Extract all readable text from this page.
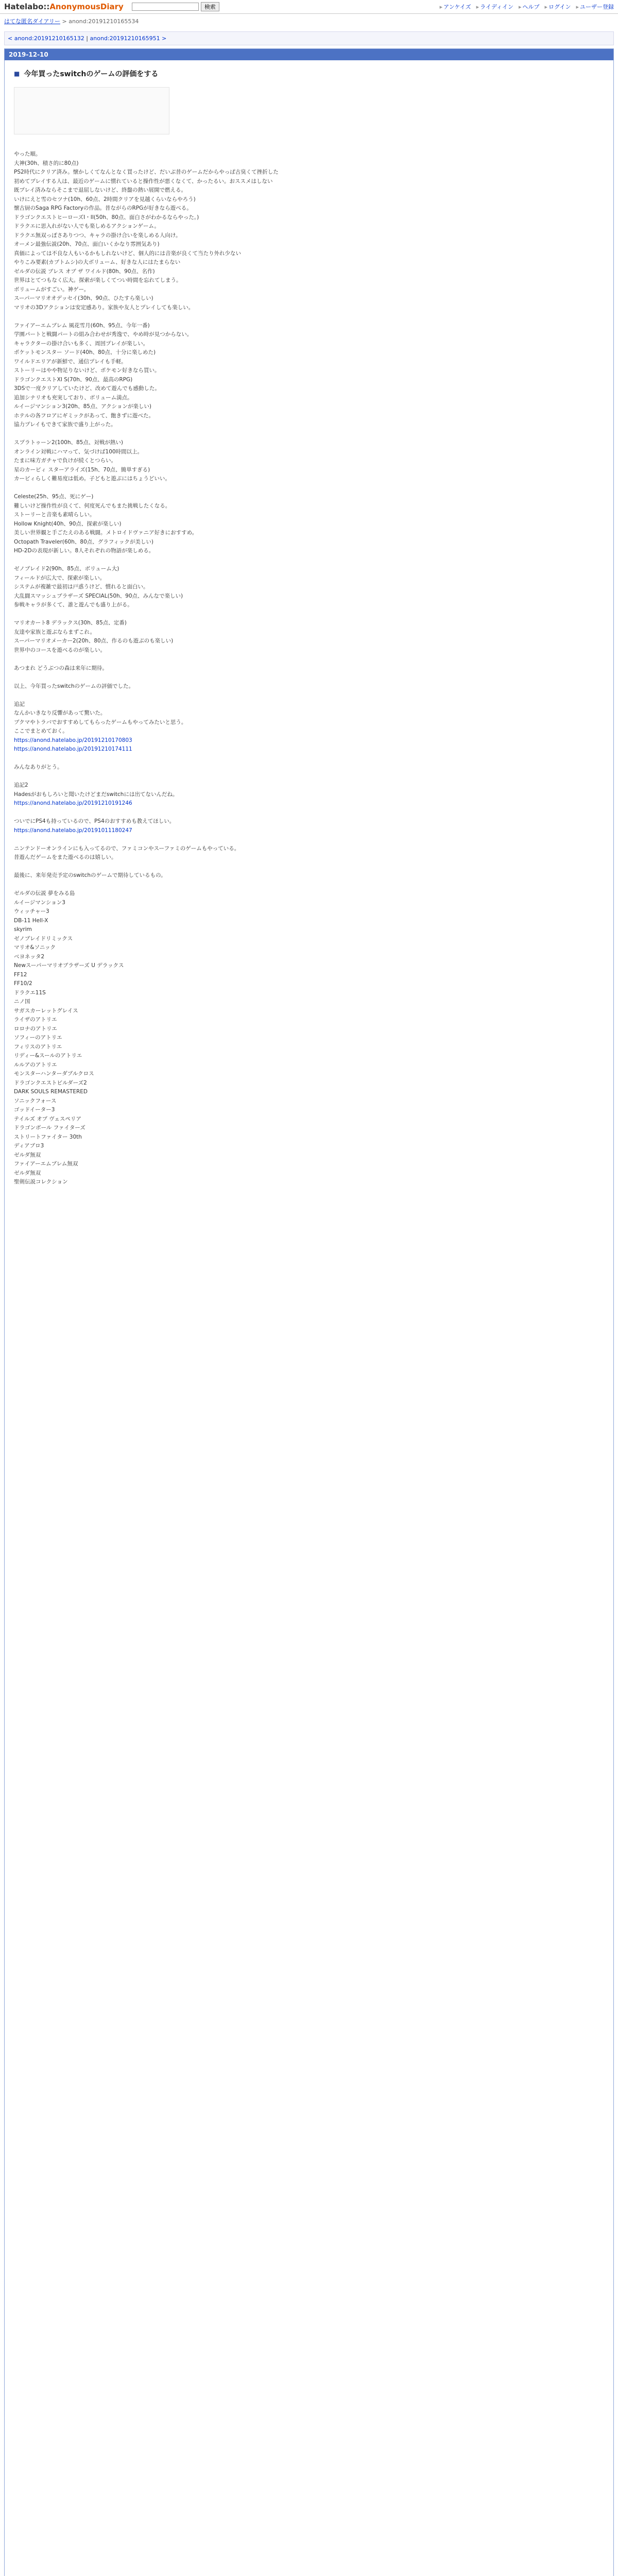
Hatelabo::AnonymousDiary	検索	▸ アンケイズ ▸ ライディイン ▸ ヘルプ ▸ ログイン ▸ ユーザー登録
はてな匿名ダイアリー > anond:20191210165534
< anond:20191210165132 | anond:20191210165951 >
2019-12-10
■ 今年買ったswitchのゲームの評価をする
やった順。
大神(30h、積さ的に80点)
PS2時代にクリア済み。懐かしくてなんとなく買ったけど、だいぶ昔のゲームだからやっぱ古臭くて挫折した
初めてプレイする人は、最近のゲームに慣れていると操作性が悪くなくて、かったるい。おススメはしない
既プレイ済みならそこまで退屈しないけど、終盤の熱い展開で燃える。
いけにえと雪のセツナ(10h、60点、2時間クリアを見越くらいならやろう)
懐古厨のSaga RPG Factoryの作品。昔ながらのRPGが好きなら遊べる。
ドラゴンクエストヒーローズI・II(50h、80点、面白さがわかるならやった。)
ドラクエに思入れがない人でも楽しめるアクションゲーム。
ドラクエ無双っぽさありつつ、キャラの掛け合いを楽しめる人向け。
オーメン最強伝説(20h、70点、面白いくかなり雰囲気あり)
真価によっては不良な人もいるかもしれないけど、個人的には音楽が良くて当たり外れ少ない
やりこみ要素(カブトムシ)の大ボリューム、好きな人にはたまらない
ゼルダの伝説 ブレス オブ ザ ワイルド(80h、90点、名作)
世界はとてつもなく広大。探索が楽しくてつい時間を忘れてしまう。
ボリュームがすごい。神ゲー。
スーパーマリオオデッセイ(30h、90点、ひたすら楽しい)
マリオの3Dアクションは安定感あり。家族や友人とプレイしても楽しい。
ファイアーエムブレム 風花雪月(60h、95点、今年一番)
学園パートと戦闘パートの組み合わせが秀逸で、やめ時が見つからない。
キャラクターの掛け合いも多く、周回プレイが楽しい。
ポケットモンスター ソード(40h、80点、十分に楽しめた)
ワイルドエリアが新鮮で、通信プレイも手軽。
ストーリーはやや物足りないけど、ポケモン好きなら買い。
ドラゴンクエストXI S(70h、90点、最高のRPG)
3DSで一度クリアしていたけど、改めて遊んでも感動した。
追加シナリオも充実しており、ボリューム満点。
ルイージマンション3(20h、85点、アクションが楽しい)
ホテルの各フロアにギミックがあって、飽きずに遊べた。
協力プレイもできて家族で盛り上がった。
スプラトゥーン2(100h、85点、対戦が熱い)
オンライン対戦にハマって、気づけば100時間以上。
たまに味方ガチャで負けが続くとつらい。
星のカービィ スターアライズ(15h、70点、簡単すぎる)
カービィらしく難易度は低め。子どもと遊ぶにはちょうどいい。
Celeste(25h、95点、死にゲー)
難しいけど操作性が良くて、何度死んでもまた挑戦したくなる。
ストーリーと音楽も素晴らしい。
Hollow Knight(40h、90点、探索が楽しい)
美しい世界観と手ごたえのある戦闘。メトロイドヴァニア好きにおすすめ。
Octopath Traveler(60h、80点、グラフィックが美しい)
HD-2Dの表現が新しい。8人それぞれの物語が楽しめる。
ゼノブレイド2(90h、85点、ボリューム大)
フィールドが広大で、探索が楽しい。
システムが複雑で最初は戸惑うけど、慣れると面白い。
大乱闘スマッシュブラザーズ SPECIAL(50h、90点、みんなで楽しい)
参戦キャラが多くて、誰と遊んでも盛り上がる。
マリオカート8 デラックス(30h、85点、定番)
友達や家族と遊ぶならまずこれ。
スーパーマリオメーカー2(20h、80点、作るのも遊ぶのも楽しい)
世界中のコースを遊べるのが楽しい。
あつまれ どうぶつの森は来年に期待。
以上、今年買ったswitchのゲームの評価でした。
追記
なんかいきなり反響があって驚いた。
ブクマやトラバでおすすめしてもらったゲームもやってみたいと思う。
ここでまとめておく。
https://anond.hatelabo.jp/20191210170803
https://anond.hatelabo.jp/20191210174111
みんなありがとう。
追記2
Hadesがおもしろいと聞いたけどまだswitchには出てないんだね。
https://anond.hatelabo.jp/20191210191246
ついでにPS4も持っているので、PS4のおすすめも教えてほしい。
https://anond.hatelabo.jp/20191011180247
ニンテンドーオンラインにも入ってるので、ファミコンやスーファミのゲームもやっている。
昔遊んだゲームをまた遊べるのは嬉しい。
最後に、来年発売予定のswitchのゲームで期待しているもの。
ゼルダの伝説 夢をみる島
ルイージマンション3
ウィッチャー3
DB-11 Hell-X
skyrim
ゼノブレイドリミックス
マリオ&ソニック
ベヨネッタ2
Newスーパーマリオブラザーズ U デラックス
FF12
FF10/2
ドラクエ11S
ニノ国
サガスカーレットグレイス
ライザのアトリエ
ロロナのアトリエ
ソフィーのアトリエ
フィリスのアトリエ
リディー&スールのアトリエ
ルルアのアトリエ
モンスターハンターダブルクロス
ドラゴンクエストビルダーズ2
DARK SOULS REMASTERED
ソニックフォース
ゴッドイーター3
テイルズ オブ ヴェスペリア
ドラゴンボール ファイターズ
ストリートファイター 30th
ディアブロ3
ゼルダ無双
ファイアーエムブレム無双
ゼルダ無双
聖剣伝説コレクション
